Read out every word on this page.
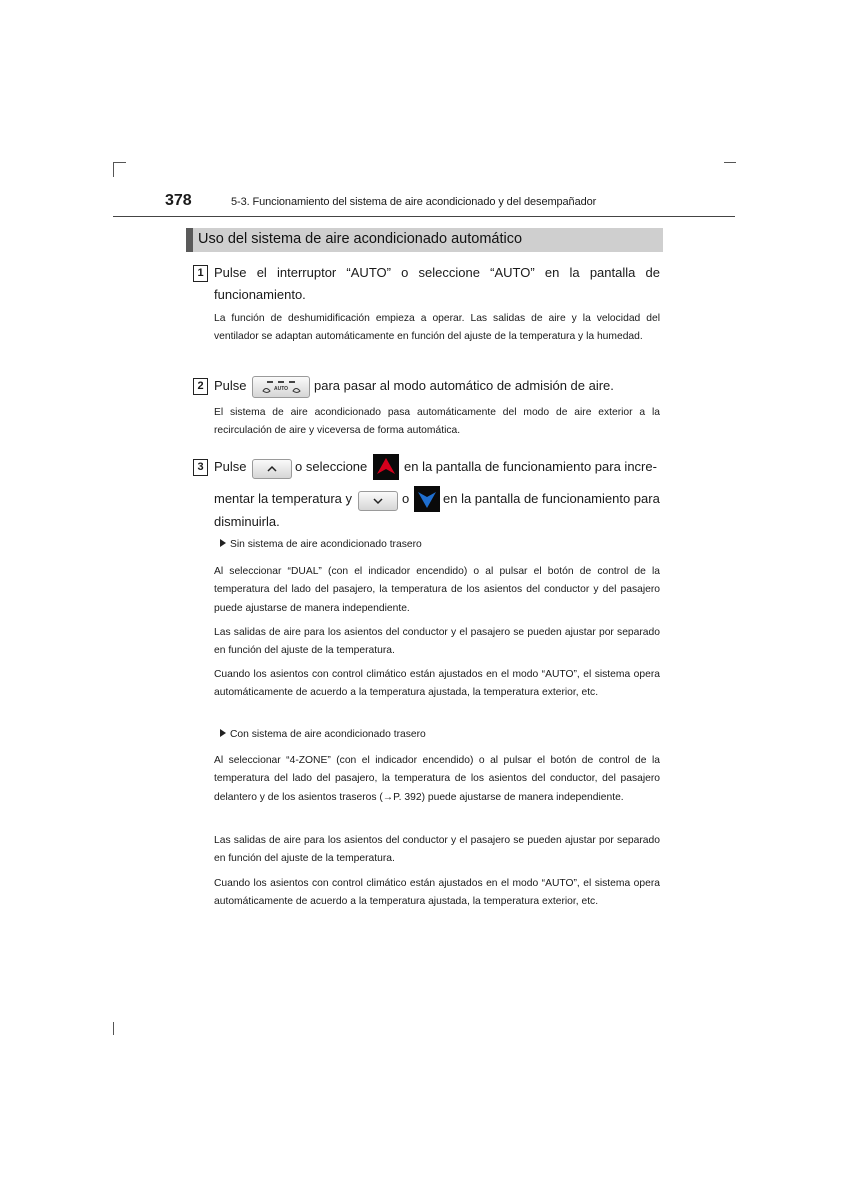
378	5-3. Funcionamiento del sistema de aire acondicionado y del desempañador
Uso del sistema de aire acondicionado automático
1 Pulse el interruptor “AUTO” o seleccione “AUTO” en la pantalla de funcionamiento.
La función de deshumidificación empieza a operar. Las salidas de aire y la velocidad del ventilador se adaptan automáticamente en función del ajuste de la temperatura y la humedad.
2 Pulse	AUTO para pasar al modo automático de admisión de aire.
El sistema de aire acondicionado pasa automáticamente del modo de aire exterior a la recirculación de aire y viceversa de forma automática.
3 Pulse	o seleccione	en la pantalla de funcionamiento para incre-
mentar la temperatura y	o	en la pantalla de funcionamiento para
disminuirla.
Sin sistema de aire acondicionado trasero
Al seleccionar “DUAL” (con el indicador encendido) o al pulsar el botón de control de la temperatura del lado del pasajero, la temperatura de los asientos del conductor y del pasajero puede ajustarse de manera independiente.
Las salidas de aire para los asientos del conductor y el pasajero se pueden ajustar por separado en función del ajuste de la temperatura.
Cuando los asientos con control climático están ajustados en el modo “AUTO”, el sistema opera automáticamente de acuerdo a la temperatura ajustada, la temperatura exterior, etc.
Con sistema de aire acondicionado trasero
Al seleccionar “4-ZONE” (con el indicador encendido) o al pulsar el botón de control de la temperatura del lado del pasajero, la temperatura de los asientos del conductor, del pasajero delantero y de los asientos traseros (→P. 392) puede ajustarse de manera independiente.
Las salidas de aire para los asientos del conductor y el pasajero se pueden ajustar por separado en función del ajuste de la temperatura.
Cuando los asientos con control climático están ajustados en el modo “AUTO”, el sistema opera automáticamente de acuerdo a la temperatura ajustada, la temperatura exterior, etc.
